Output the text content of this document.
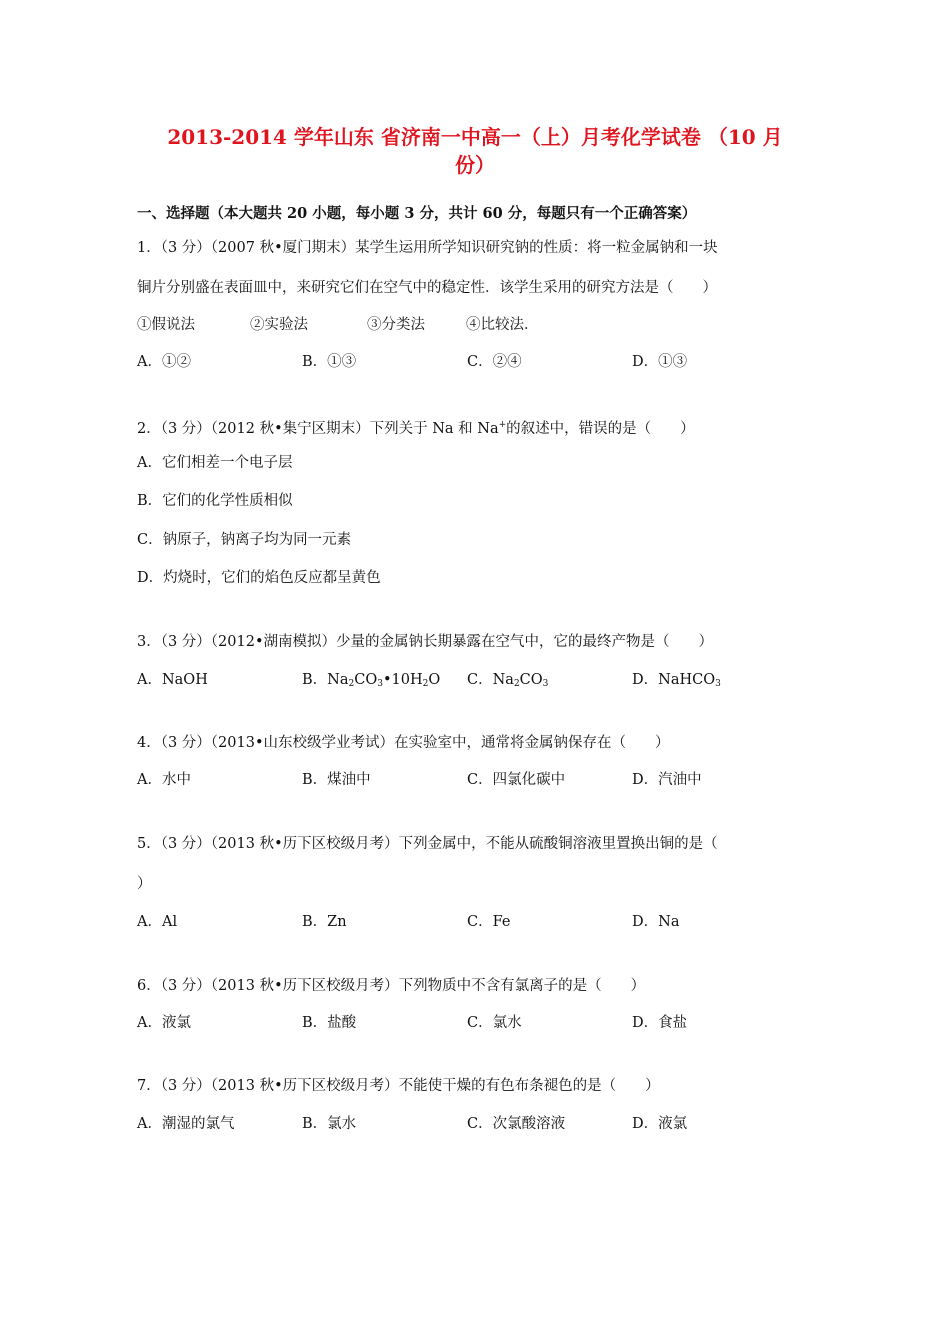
2013-2014 学年山东 省济南一中高一（上）月考化学试卷 （10 月
份）
一、选择题（本大题共 20 小题，每小题 3 分，共计 60 分，每题只有一个正确答案）
1．（3 分）（2007 秋•厦门期末）某学生运用所学知识研究钠的性质：将一粒金属钠和一块
铜片分别盛在表面皿中，来研究它们在空气中的稳定性．该学生采用的研究方法是（　　）
①假说法	②实验法	③分类法	④比较法．
A．①②	B．①③	C．②④	D．①③
2．（3 分）（2012 秋•集宁区期末）下列关于 Na 和 Na+的叙述中，错误的是（　　）
A．它们相差一个电子层
B．它们的化学性质相似
C．钠原子，钠离子均为同一元素
D．灼烧时，它们的焰色反应都呈黄色
3．（3 分）（2012•湖南模拟）少量的金属钠长期暴露在空气中，它的最终产物是（　　）
A．NaOH	B．$Na_2CO_3•10H_2O$ C．$Na_2CO_3$	D．NaHCO$_3$
4．（3 分）（2013•山东校级学业考试）在实验室中，通常将金属钠保存在（　　）
A．水中	B．煤油中	C．四氯化碳中	D．汽油中
5．（3 分）（2013 秋•历下区校级月考）下列金属中，不能从硫酸铜溶液里置换出铜的是（
）
A．Al	B．Zn	C．Fe	D．Na
6．（3 分）（2013 秋•历下区校级月考）下列物质中不含有氯离子的是（　　）
A．液氯	B．盐酸	C．氯水	D．食盐
7．（3 分）（2013 秋•历下区校级月考）不能使干燥的有色布条褪色的是（　　）
A．潮湿的氯气	B．氯水	C．次氯酸溶液	D．液氯
